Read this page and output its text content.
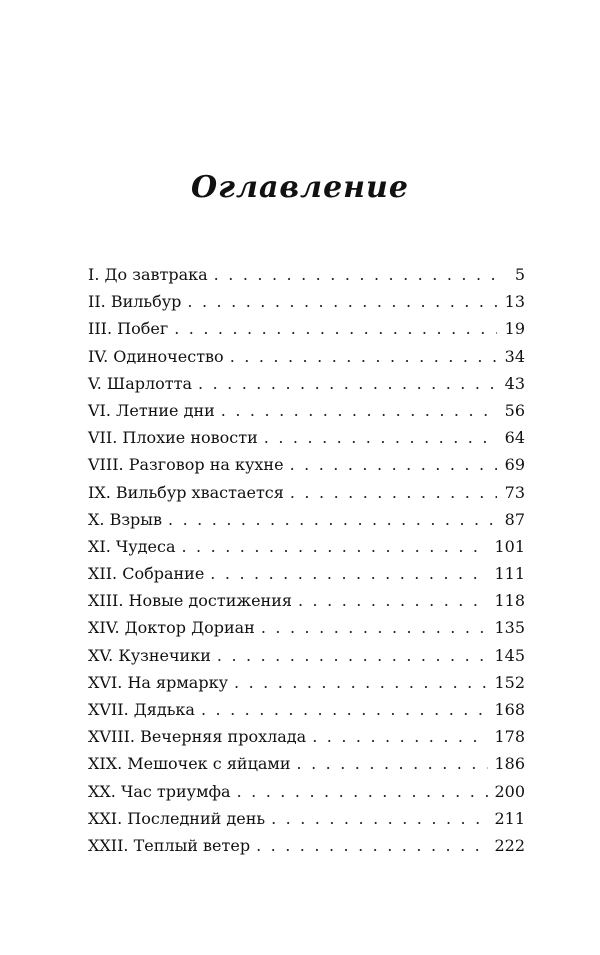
Оглавление
I. До завтрака . . .	5
II. Вильбур . . .	13
III. Побег . . .	19
IV. Одиночество . . .	34
V. Шарлотта . . .	43
VI. Летние дни . . .	56
VII. Плохие новости . . .	64
VIII. Разговор на кухне . . .	69
IX. Вильбур хвастается . . .	73
X. Взрыв . . .	87
XI. Чудеса . . .	101
XII. Собрание . . .	111
XIII. Новые достижения . . .	118
XIV. Доктор Дориан . . .	135
XV. Кузнечики . . .	145
XVI. На ярмарку . . .	152
XVII. Дядька . . .	168
XVIII. Вечерняя прохлада . . .	178
XIX. Мешочек с яйцами . . .	186
XX. Час триумфа . . .	200
XXI. Последний день . . .	211
XXII. Теплый ветер . . .	222
